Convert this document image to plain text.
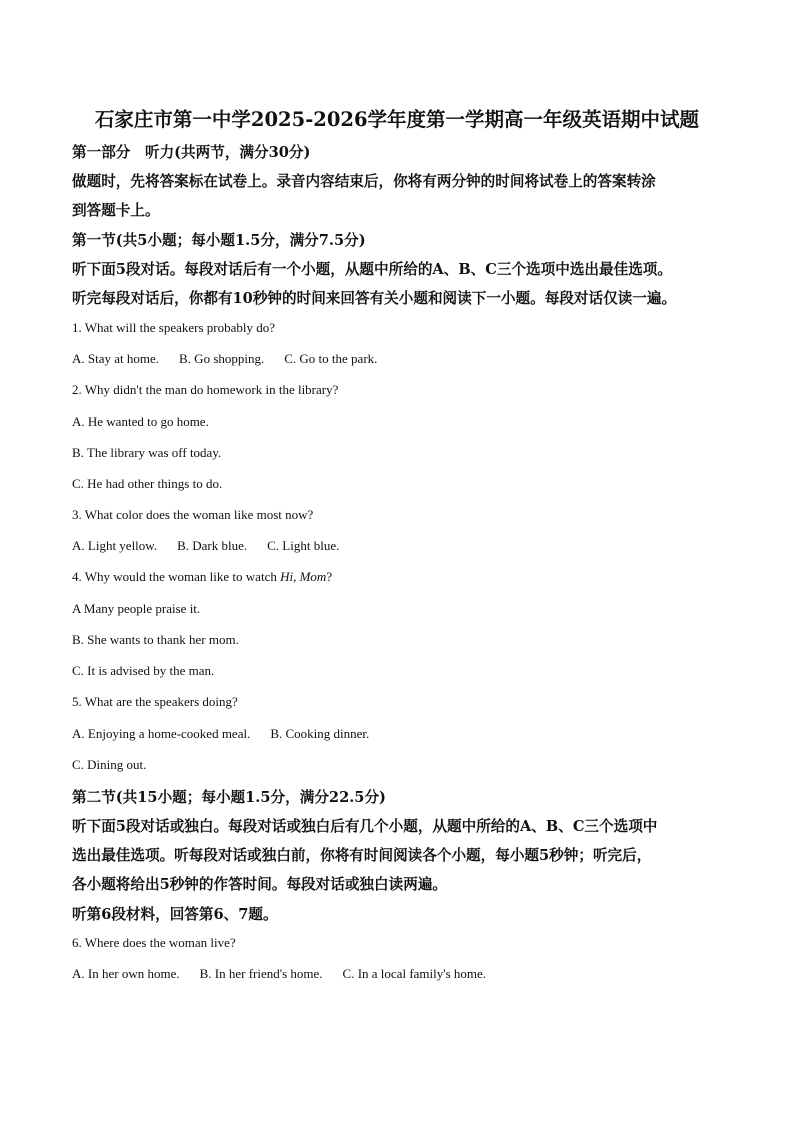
石家庄市第一中学2025-2026学年度第一学期高一年级英语期中试题
第一部分　听力(共两节，满分30分)
做题时，先将答案标在试卷上。录音内容结束后，你将有两分钟的时间将试卷上的答案转涂
到答题卡上。
第一节(共5小题；每小题1.5分，满分7.5分)
听下面5段对话。每段对话后有一个小题，从题中所给的A、B、C三个选项中选出最佳选项。
听完每段对话后，你都有10秒钟的时间来回答有关小题和阅读下一小题。每段对话仅读一遍。
1. What will the speakers probably do?
A. Stay at home. B. Go shopping. C. Go to the park.
2. Why didn't the man do homework in the library?
A. He wanted to go home.
B. The library was off today.
C. He had other things to do.
3. What color does the woman like most now?
A. Light yellow. B. Dark blue. C. Light blue.
4. Why would the woman like to watch Hi, Mom?
A Many people praise it.
B. She wants to thank her mom.
C. It is advised by the man.
5. What are the speakers doing?
A. Enjoying a home-cooked meal. B. Cooking dinner.
C. Dining out.
第二节(共15小题；每小题1.5分，满分22.5分)
听下面5段对话或独白。每段对话或独白后有几个小题，从题中所给的A、B、C三个选项中
选出最佳选项。听每段对话或独白前，你将有时间阅读各个小题，每小题5秒钟；听完后，
各小题将给出5秒钟的作答时间。每段对话或独白读两遍。
听第6段材料，回答第6、7题。
6. Where does the woman live?
A. In her own home. B. In her friend's home. C. In a local family's home.
